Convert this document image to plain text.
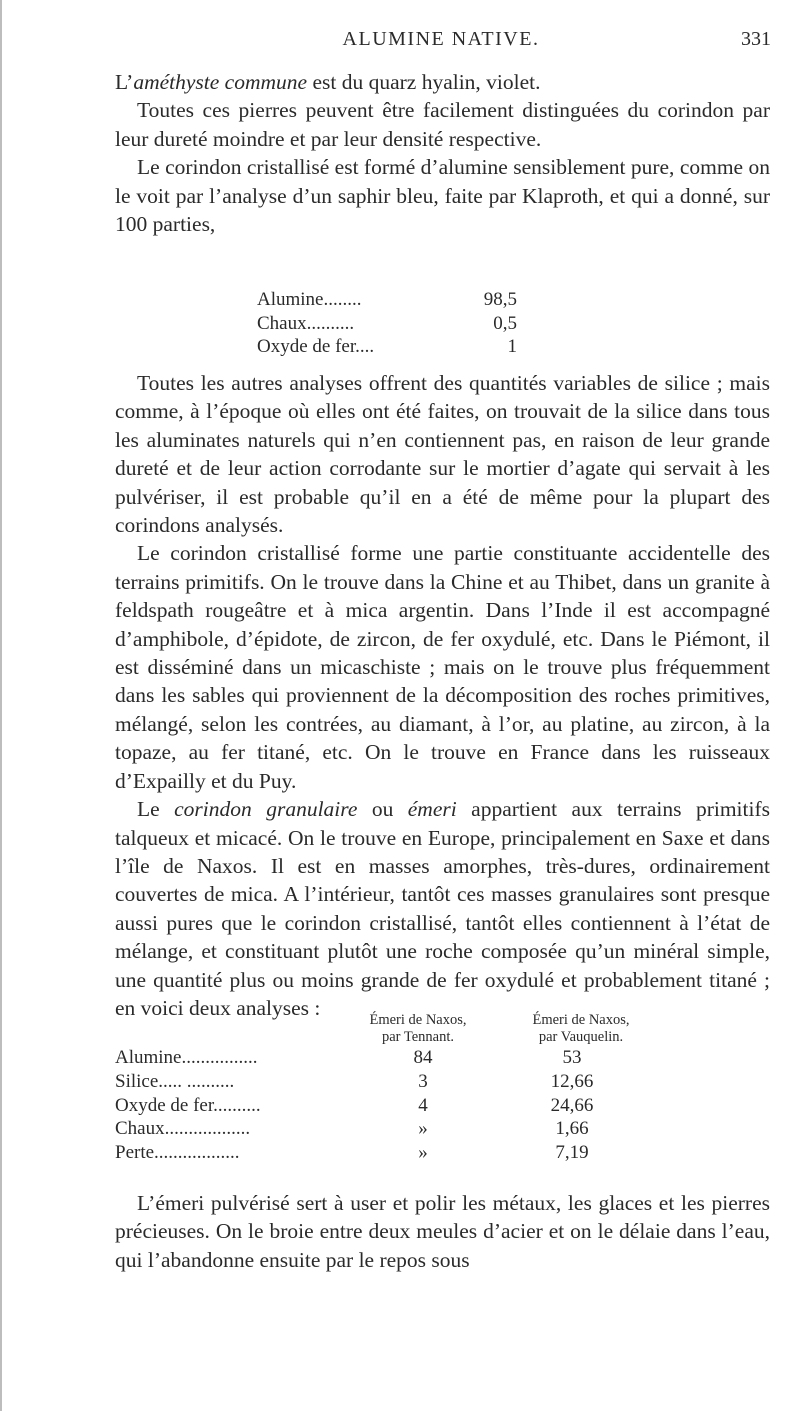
ALUMINE NATIVE.	331
L’améthyste commune est du quarz hyalin, violet.
Toutes ces pierres peuvent être facilement distinguées du corindon par leur dureté moindre et par leur densité respective.
Le corindon cristallisé est formé d’alumine sensiblement pure, comme on le voit par l’analyse d’un saphir bleu, faite par Klaproth, et qui a donné, sur 100 parties,
Alumine........	98,5
Chaux..........	0,5
Oxyde de fer....	1
Toutes les autres analyses offrent des quantités variables de silice ; mais comme, à l’époque où elles ont été faites, on trouvait de la silice dans tous les aluminates naturels qui n’en contiennent pas, en raison de leur grande dureté et de leur action corrodante sur le mortier d’agate qui servait à les pulvériser, il est probable qu’il en a été de même pour la plupart des corindons analysés.
Le corindon cristallisé forme une partie constituante accidentelle des terrains primitifs. On le trouve dans la Chine et au Thibet, dans un granite à feldspath rougeâtre et à mica argentin. Dans l’Inde il est accompagné d’amphibole, d’épidote, de zircon, de fer oxydulé, etc. Dans le Piémont, il est disséminé dans un micaschiste ; mais on le trouve plus fréquemment dans les sables qui proviennent de la décomposition des roches primitives, mélangé, selon les contrées, au diamant, à l’or, au platine, au zircon, à la topaze, au fer titané, etc. On le trouve en France dans les ruisseaux d’Expailly et du Puy.
Le corindon granulaire ou émeri appartient aux terrains primitifs talqueux et micacé. On le trouve en Europe, principalement en Saxe et dans l’île de Naxos. Il est en masses amorphes, très-dures, ordinairement couvertes de mica. A l’intérieur, tantôt ces masses granulaires sont presque aussi pures que le corindon cristallisé, tantôt elles contiennent à l’état de mélange, et constituant plutôt une roche composée qu’un minéral simple, une quantité plus ou moins grande de fer oxydulé et probablement titané ; en voici deux analyses :
Émeri de Naxos,
par Tennant.
Émeri de Naxos,
par Vauquelin.
Alumine................	84	53
Silice..... ..........	3	12,66
Oxyde de fer..........	4	24,66
Chaux..................	»	1,66
Perte..................	»	7,19
L’émeri pulvérisé sert à user et polir les métaux, les glaces et les pierres précieuses. On le broie entre deux meules d’acier et on le délaie dans l’eau, qui l’abandonne ensuite par le repos sous
